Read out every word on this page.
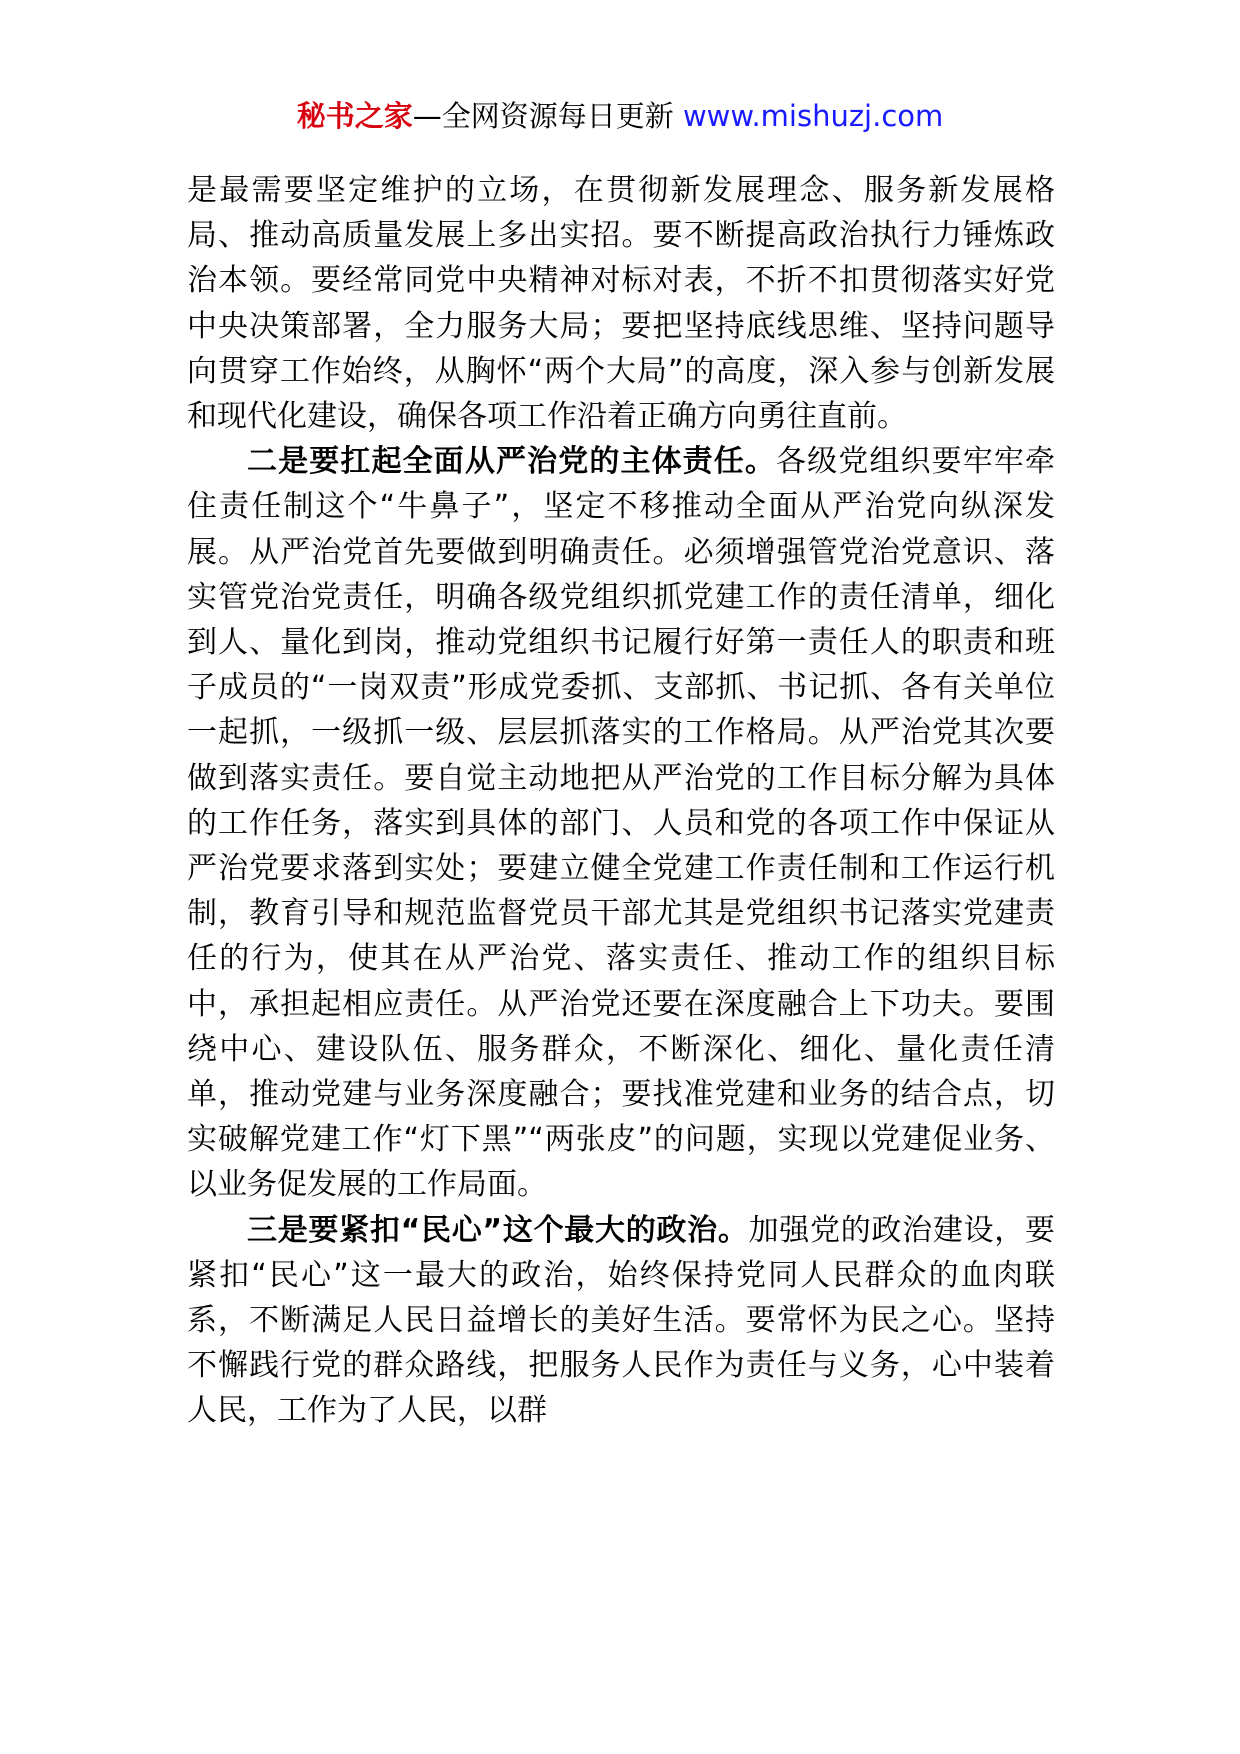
秘书之家—全网资源每日更新 www.mishuzj.com

是最需要坚定维护的立场，在贯彻新发展理念、服务新发展格局、推动高质量发展上多出实招。要不断提高政治执行力锤炼政治本领。要经常同党中央精神对标对表，不折不扣贯彻落实好党中央决策部署，全力服务大局；要把坚持底线思维、坚持问题导向贯穿工作始终，从胸怀“两个大局”的高度，深入参与创新发展和现代化建设，确保各项工作沿着正确方向勇往直前。

二是要扛起全面从严治党的主体责任。各级党组织要牢牢牵住责任制这个“牛鼻子”，坚定不移推动全面从严治党向纵深发展。从严治党首先要做到明确责任。必须增强管党治党意识、落实管党治党责任，明确各级党组织抓党建工作的责任清单，细化到人、量化到岗，推动党组织书记履行好第一责任人的职责和班子成员的“一岗双责”形成党委抓、支部抓、书记抓、各有关单位一起抓，一级抓一级、层层抓落实的工作格局。从严治党其次要做到落实责任。要自觉主动地把从严治党的工作目标分解为具体的工作任务，落实到具体的部门、人员和党的各项工作中保证从严治党要求落到实处；要建立健全党建工作责任制和工作运行机制，教育引导和规范监督党员干部尤其是党组织书记落实党建责任的行为，使其在从严治党、落实责任、推动工作的组织目标中，承担起相应责任。从严治党还要在深度融合上下功夫。要围绕中心、建设队伍、服务群众，不断深化、细化、量化责任清单，推动党建与业务深度融合；要找准党建和业务的结合点，切实破解党建工作“灯下黑”“两张皮”的问题，实现以党建促业务、以业务促发展的工作局面。

三是要紧扣“民心”这个最大的政治。加强党的政治建设，要紧扣“民心”这一最大的政治，始终保持党同人民群众的血肉联系，不断满足人民日益增长的美好生活。要常怀为民之心。坚持不懈践行党的群众路线，把服务人民作为责任与义务，心中装着人民，工作为了人民，以群
